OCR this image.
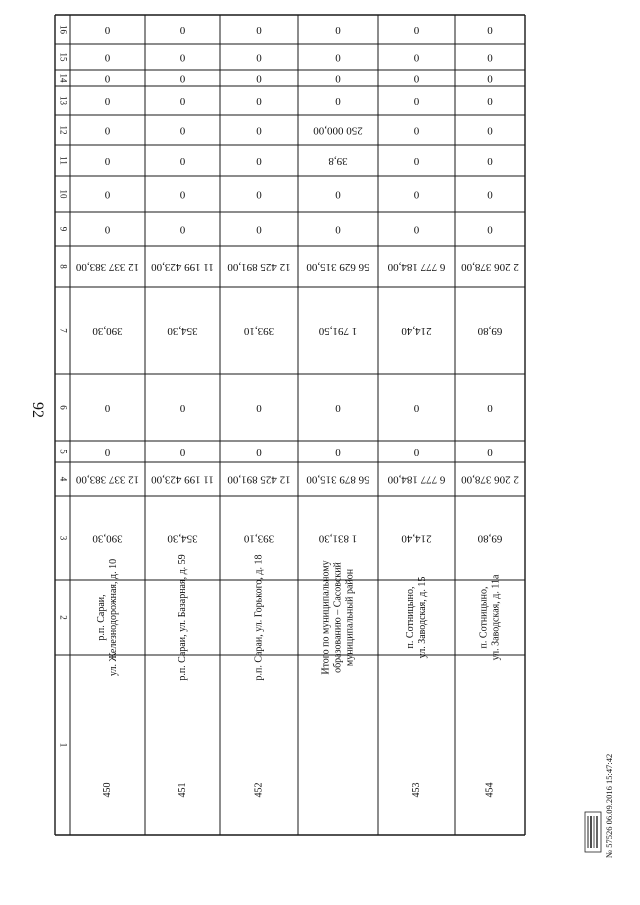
92
1
2
3
4
5
6
7
8
9
10
11
12
13
14
15
16
450
р.п. Сараи, ул. Железнодорожная, д. 10
390,30
12 337 383,00
0
0
390,30
12 337 383,00
0
0
0
0
0
0
0
0
451
р.п. Сараи, ул. Базарная, д. 59
354,30
11 199 423,00
0
0
354,30
11 199 423,00
0
0
0
0
0
0
0
0
452
р.п. Сараи, ул. Горького, д. 18
393,10
12 425 891,00
0
0
393,10
12 425 891,00
0
0
0
0
0
0
0
0
Итого по муниципальному образованию – Сасовский муниципальный район
1 831,30
56 879 315,00
0
0
1 791,50
56 629 315,00
0
0
39,8
250 000,00
0
0
0
0
453
п. Сотницыно, ул. Заводская, д. 15
214,40
6 777 184,00
0
0
214,40
6 777 184,00
0
0
0
0
0
0
0
0
454
п. Сотницыно, ул. Заводская, д. 11а
69,80
2 206 378,00
0
0
69,80
2 206 378,00
0
0
0
0
0
0
0
0
№ 57526 06.09.2016 15:47:42
